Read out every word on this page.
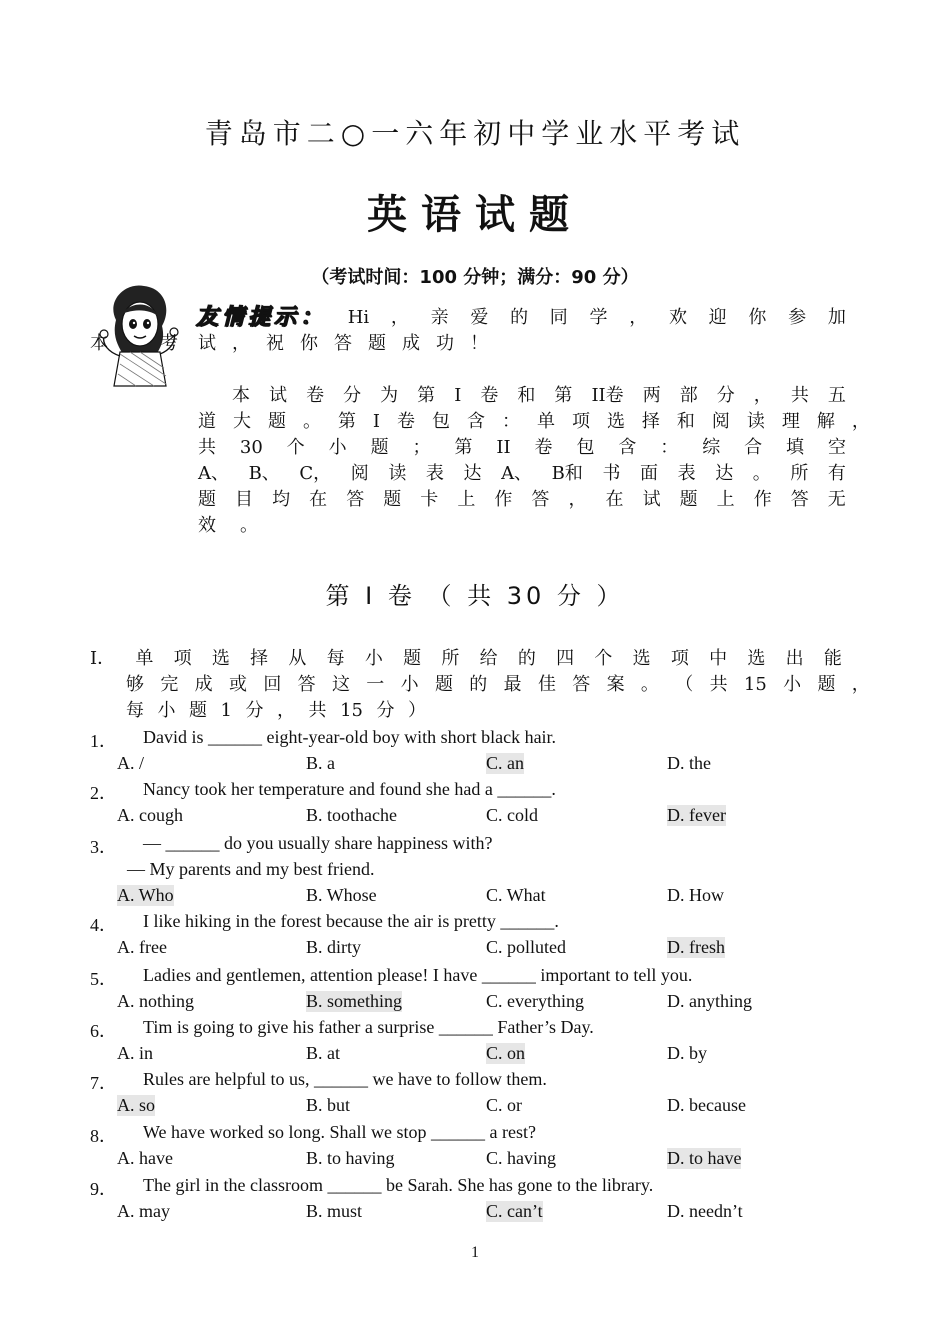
青岛市二○一六年初中学业水平考试
英语试题
（考试时间：100 分钟；满分：90 分）
友情提示： Hi ， 亲 爱 的 同 学 ， 欢 迎 你 参 加
本	考 试 ， 祝 你 答 题 成 功 ！
本 试 卷 分 为 第 I 卷 和 第 II卷 两 部 分 ， 共 五
道 大 题 。 第 I 卷 包 含 ： 单 项 选 择 和 阅 读 理 解 ，
共 30 个 小 题 ； 第 II 卷 包 含 ： 综 合 填 空
A、 B、 C， 阅 读 表 达 A、 B和 书 面 表 达 。 所 有
题 目 均 在 答 题 卡 上 作 答 ， 在 试 题 上 作 答 无
效 。
第 I 卷 （ 共 30 分 ）
I． 单 项 选 择 从 每 小 题 所 给 的 四 个 选 项 中 选 出 能
够 完 成 或 回 答 这 一 小 题 的 最 佳 答 案 。 （ 共 15 小 题 ，
每 小 题 1 分 ， 共 15 分 ）
1． David is ______ eight-year-old boy with short black hair.
A. /	B. a	C. an	D. the
2． Nancy took her temperature and found she had a ______.
A. cough	B. toothache	C. cold	D. fever
3． — ______ do you usually share happiness with?
— My parents and my best friend.
A. Who	B. Whose	C. What	D. How
4． I like hiking in the forest because the air is pretty ______.
A. free	B. dirty	C. polluted	D. fresh
5． Ladies and gentlemen, attention please! I have ______ important to tell you.
A. nothing	B. something	C. everything	D. anything
6． Tim is going to give his father a surprise ______ Father’s Day.
A. in	B. at	C. on	D. by
7． Rules are helpful to us, ______ we have to follow them.
A. so	B. but	C. or	D. because
8． We have worked so long. Shall we stop ______ a rest?
A. have	B. to having	C. having	D. to have
9． The girl in the classroom ______ be Sarah. She has gone to the library.
A. may	B. must	C. can’t	D. needn’t
1
